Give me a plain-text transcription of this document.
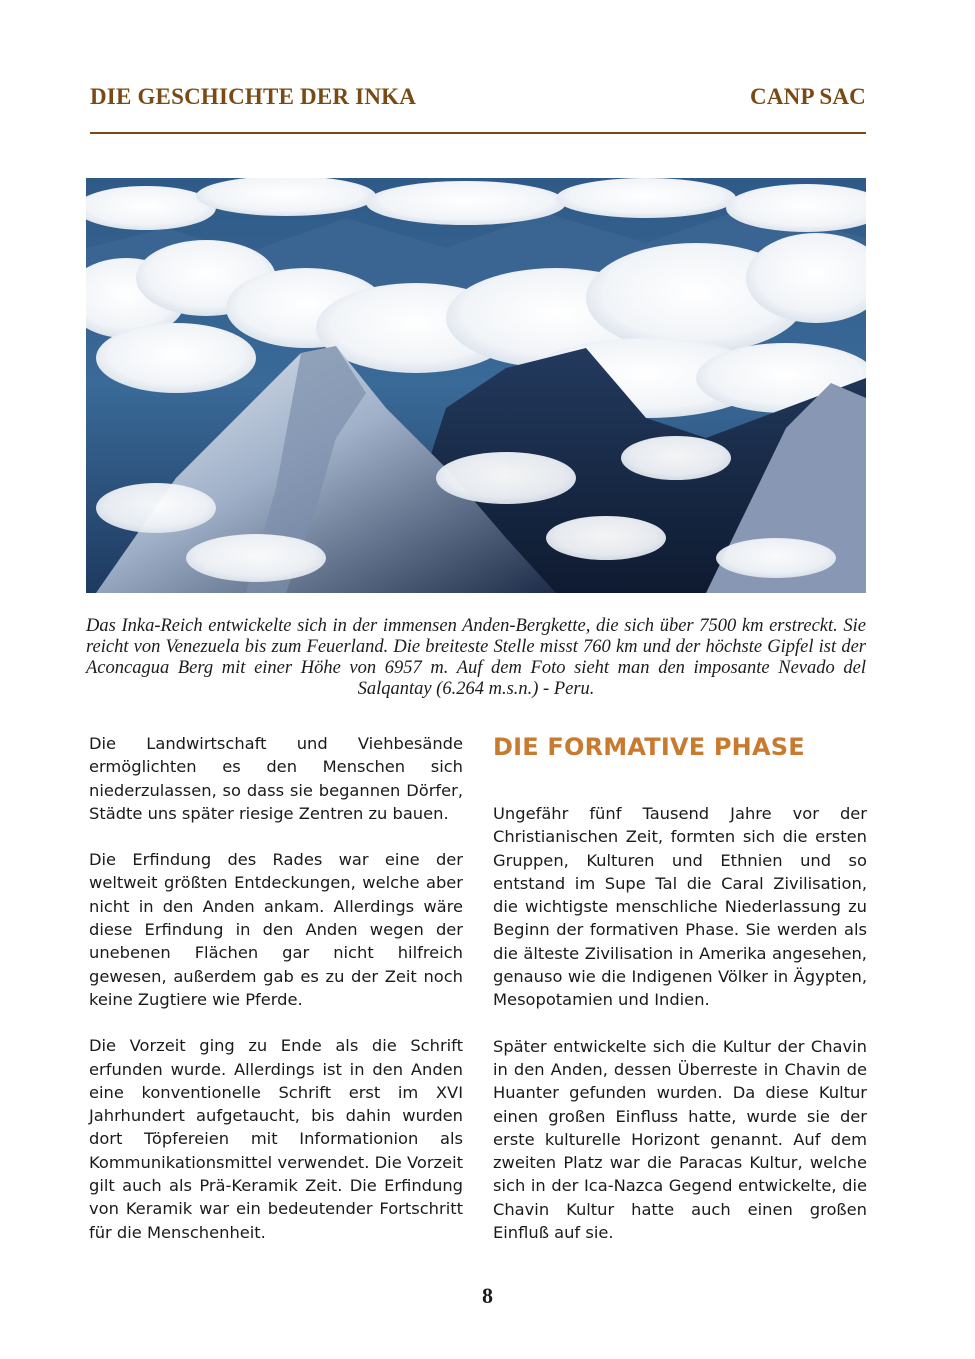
DIE GESCHICHTE DER INKA	CANP SAC
Das Inka-Reich entwickelte sich in der immensen Anden-Bergkette, die sich über 7500 km erstreckt. Sie reicht von Venezuela bis zum Feuerland. Die breiteste Stelle misst 760 km und der höchste Gipfel ist der Aconcagua Berg mit einer Höhe von 6957 m. Auf dem Foto sieht man den imposante Nevado del Salqantay (6.264 m.s.n.) - Peru.

Die Landwirtschaft und Viehbesände ermöglichten es den Menschen sich niederzulassen, so dass sie begannen Dörfer, Städte uns später riesige Zentren zu bauen.

Die Erfindung des Rades war eine der weltweit größten Entdeckungen, welche aber nicht in den Anden ankam. Allerdings wäre diese Erfindung in den Anden wegen der unebenen Flächen gar nicht hilfreich gewesen, außerdem gab es zu der Zeit noch keine Zugtiere wie Pferde.

Die Vorzeit ging zu Ende als die Schrift erfunden wurde. Allerdings ist in den Anden eine konventionelle Schrift erst im XVI Jahrhundert aufgetaucht, bis dahin wurden dort Töpfereien mit Informationion als Kommunikationsmittel verwendet. Die Vorzeit gilt auch als Prä-Keramik Zeit. Die Erfindung von Keramik war ein bedeutender Fortschritt für die Menschenheit.

DIE FORMATIVE PHASE

Ungefähr fünf Tausend Jahre vor der Christianischen Zeit, formten sich die ersten Gruppen, Kulturen und Ethnien und so entstand im Supe Tal die Caral Zivilisation, die wichtigste menschliche Niederlassung zu Beginn der formativen Phase. Sie werden als die älteste Zivilisation in Amerika angesehen, genauso wie die Indigenen Völker in Ägypten, Mesopotamien und Indien.

Später entwickelte sich die Kultur der Chavin in den Anden, dessen Überreste in Chavin de Huanter gefunden wurden. Da diese Kultur einen großen Einfluss hatte, wurde sie der erste kulturelle Horizont genannt. Auf dem zweiten Platz war die Paracas Kultur, welche sich in der Ica-Nazca Gegend entwickelte, die Chavin Kultur hatte auch einen großen Einfluß auf sie.

8
